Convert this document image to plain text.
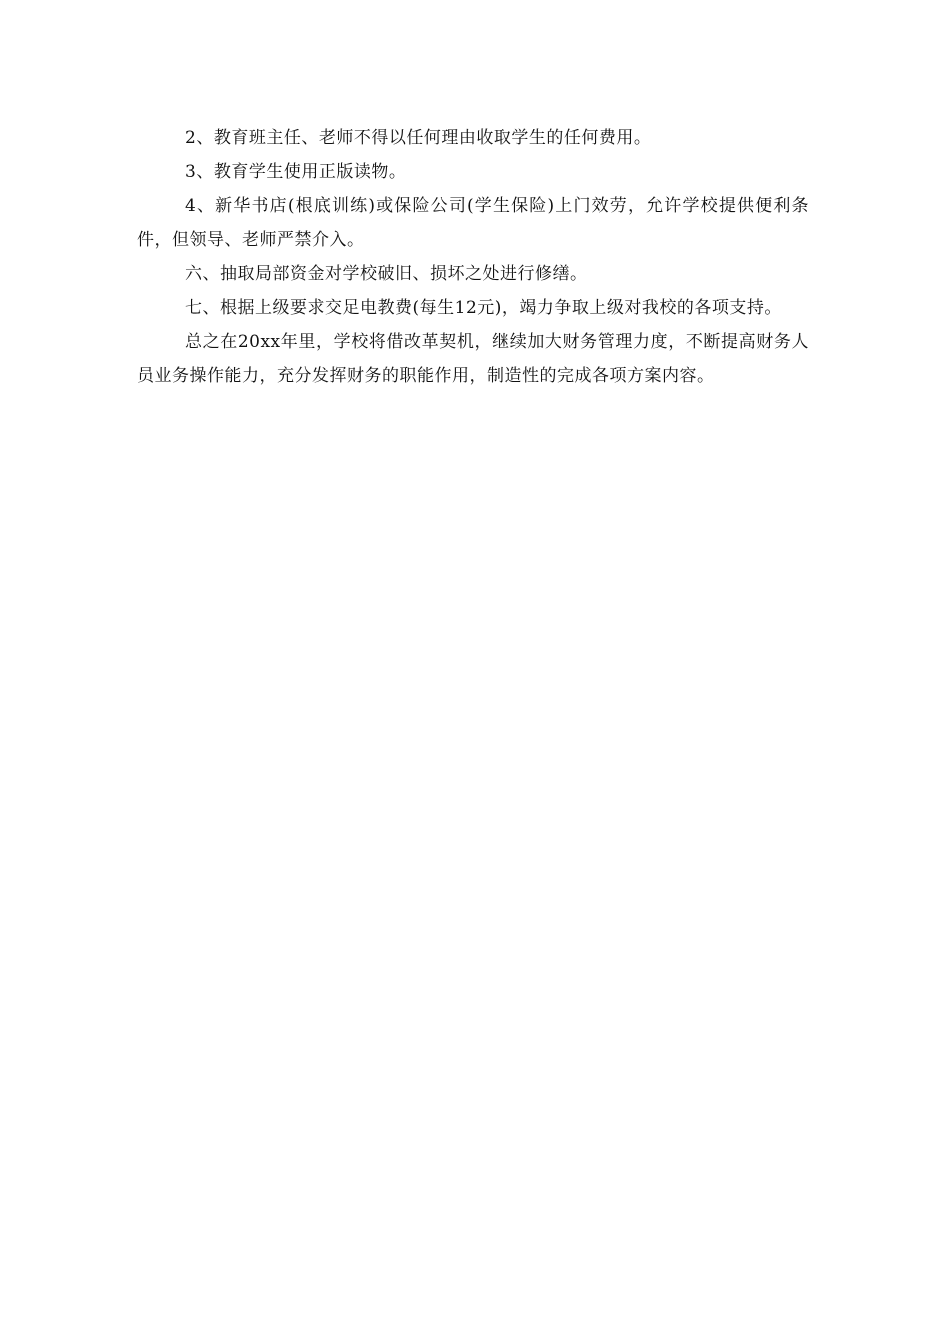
2、教育班主任、老师不得以任何理由收取学生的任何费用。

3、教育学生使用正版读物。

4、新华书店(根底训练)或保险公司(学生保险)上门效劳，允许学校提供便利条件，但领导、老师严禁介入。

六、抽取局部资金对学校破旧、损坏之处进行修缮。

七、根据上级要求交足电教费(每生12元)，竭力争取上级对我校的各项支持。

总之在20xx年里，学校将借改革契机，继续加大财务管理力度，不断提高财务人员业务操作能力，充分发挥财务的职能作用，制造性的完成各项方案内容。
